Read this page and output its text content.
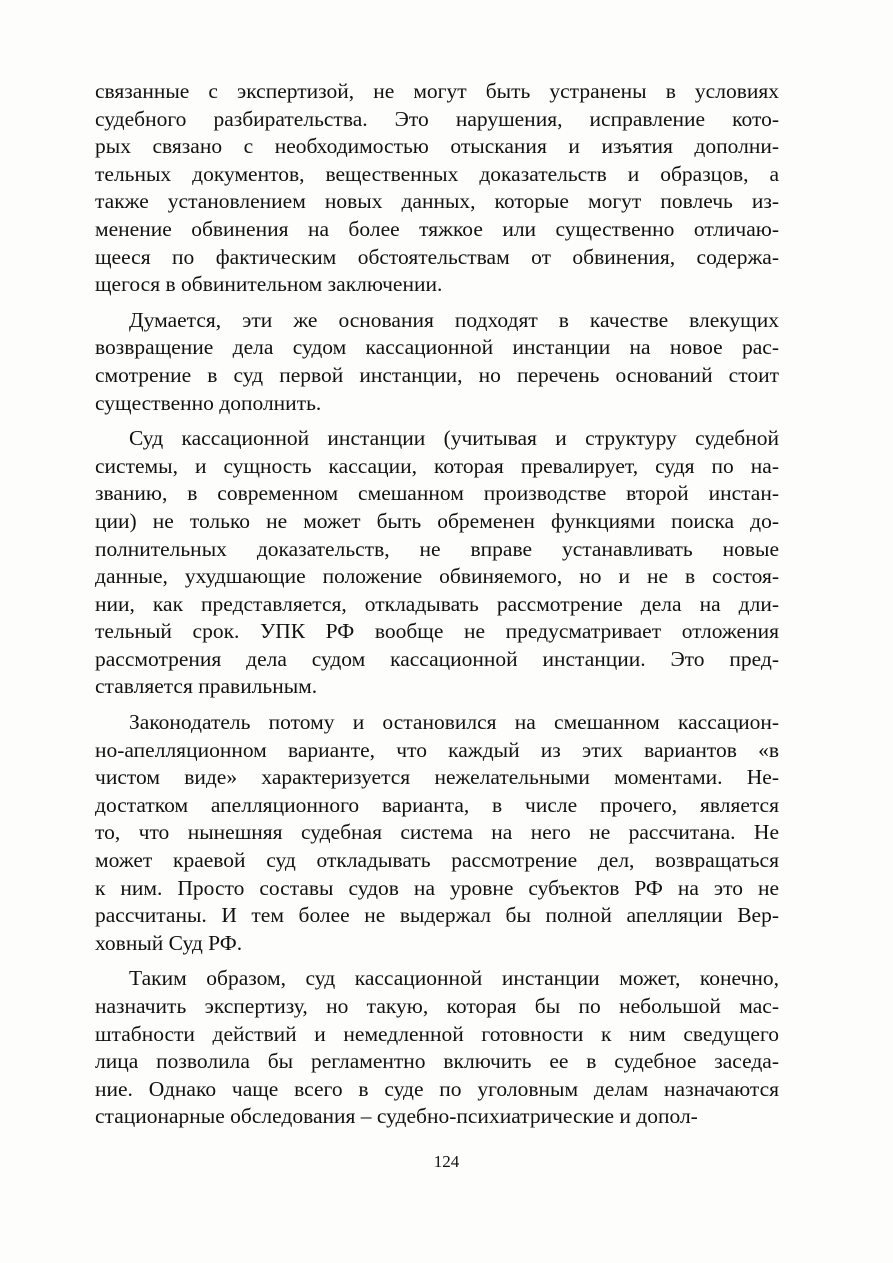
связанные с экспертизой, не могут быть устранены в условиях
судебного разбирательства. Это нарушения, исправление кото-
рых связано с необходимостью отыскания и изъятия дополни-
тельных документов, вещественных доказательств и образцов, а
также установлением новых данных, которые могут повлечь из-
менение обвинения на более тяжкое или существенно отличаю-
щееся по фактическим обстоятельствам от обвинения, содержа-
щегося в обвинительном заключении.
Думается, эти же основания подходят в качестве влекущих
возвращение дела судом кассационной инстанции на новое рас-
смотрение в суд первой инстанции, но перечень оснований стоит
существенно дополнить.
Суд кассационной инстанции (учитывая и структуру судебной
системы, и сущность кассации, которая превалирует, судя по на-
званию, в современном смешанном производстве второй инстан-
ции) не только не может быть обременен функциями поиска до-
полнительных доказательств, не вправе устанавливать новые
данные, ухудшающие положение обвиняемого, но и не в состоя-
нии, как представляется, откладывать рассмотрение дела на дли-
тельный срок. УПК РФ вообще не предусматривает отложения
рассмотрения дела судом кассационной инстанции. Это пред-
ставляется правильным.
Законодатель потому и остановился на смешанном кассацион-
но-апелляционном варианте, что каждый из этих вариантов «в
чистом виде» характеризуется нежелательными моментами. Не-
достатком апелляционного варианта, в числе прочего, является
то, что нынешняя судебная система на него не рассчитана. Не
может краевой суд откладывать рассмотрение дел, возвращаться
к ним. Просто составы судов на уровне субъектов РФ на это не
рассчитаны. И тем более не выдержал бы полной апелляции Вер-
ховный Суд РФ.
Таким образом, суд кассационной инстанции может, конечно,
назначить экспертизу, но такую, которая бы по небольшой мас-
штабности действий и немедленной готовности к ним сведущего
лица позволила бы регламентно включить ее в судебное заседа-
ние. Однако чаще всего в суде по уголовным делам назначаются
стационарные обследования – судебно-психиатрические и допол-
124
